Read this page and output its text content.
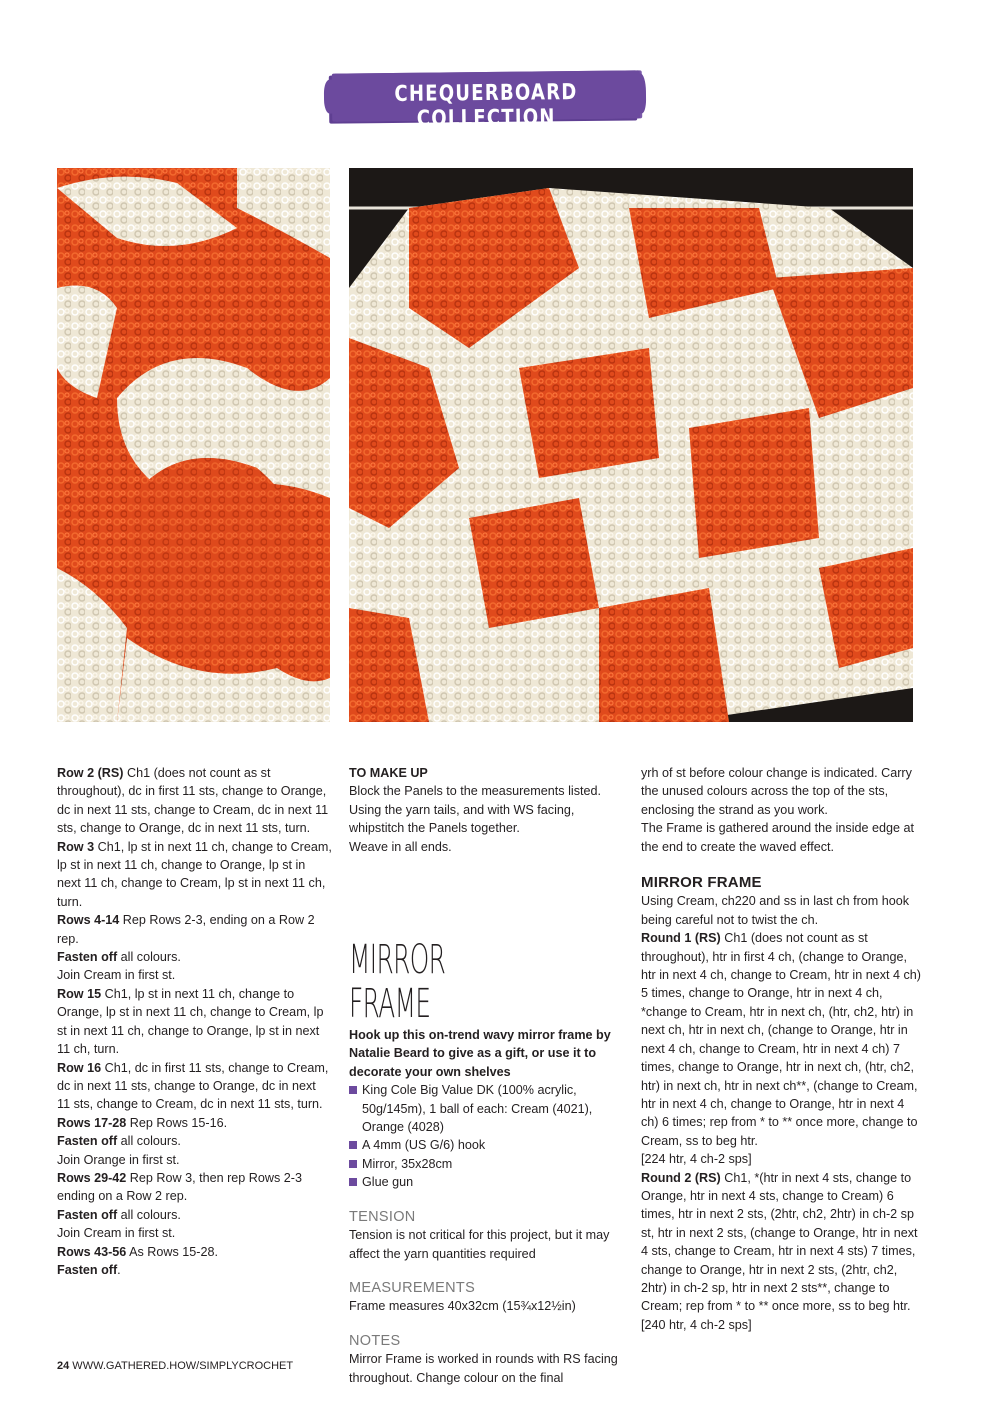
CHEQUERBOARD COLLECTION

Row 2 (RS) Ch1 (does not count as st throughout), dc in first 11 sts, change to Orange, dc in next 11 sts, change to Cream, dc in next 11 sts, change to Orange, dc in next 11 sts, turn.

Row 3 Ch1, lp st in next 11 ch, change to Cream, lp st in next 11 ch, change to Orange, lp st in next 11 ch, change to Cream, lp st in next 11 ch, turn.

Rows 4-14 Rep Rows 2-3, ending on a Row 2 rep.

Fasten off all colours.

Join Cream in first st.

Row 15 Ch1, lp st in next 11 ch, change to Orange, lp st in next 11 ch, change to Cream, lp st in next 11 ch, change to Orange, lp st in next 11 ch, turn.

Row 16 Ch1, dc in first 11 sts, change to Cream, dc in next 11 sts, change to Orange, dc in next 11 sts, change to Cream, dc in next 11 sts, turn.

Rows 17-28 Rep Rows 15-16.

Fasten off all colours.

Join Orange in first st.

Rows 29-42 Rep Row 3, then rep Rows 2-3 ending on a Row 2 rep.

Fasten off all colours.

Join Cream in first st.

Rows 43-56 As Rows 15-28.

Fasten off.

TO MAKE UP

Block the Panels to the measurements listed. Using the yarn tails, and with WS facing, whipstitch the Panels together.

Weave in all ends.

MIRROR FRAME

Hook up this on-trend wavy mirror frame by Natalie Beard to give as a gift, or use it to decorate your own shelves

King Cole Big Value DK (100% acrylic, 50g/145m), 1 ball of each: Cream (4021), Orange (4028)
A 4mm (US G/6) hook
Mirror, 35x28cm
Glue gun

TENSION

Tension is not critical for this project, but it may affect the yarn quantities required

MEASUREMENTS

Frame measures 40x32cm (15¾x12½in)

NOTES

Mirror Frame is worked in rounds with RS facing throughout. Change colour on the final

yrh of st before colour change is indicated. Carry the unused colours across the top of the sts, enclosing the strand as you work.

The Frame is gathered around the inside edge at the end to create the waved effect.

MIRROR FRAME

Using Cream, ch220 and ss in last ch from hook being careful not to twist the ch.

Round 1 (RS) Ch1 (does not count as st throughout), htr in first 4 ch, (change to Orange, htr in next 4 ch, change to Cream, htr in next 4 ch) 5 times, change to Orange, htr in next 4 ch, *change to Cream, htr in next ch, (htr, ch2, htr) in next ch, htr in next ch, (change to Orange, htr in next 4 ch, change to Cream, htr in next 4 ch) 7 times, change to Orange, htr in next ch, (htr, ch2, htr) in next ch, htr in next ch**, (change to Cream, htr in next 4 ch, change to Orange, htr in next 4 ch) 6 times; rep from * to ** once more, change to Cream, ss to beg htr.

[224 htr, 4 ch-2 sps]

Round 2 (RS) Ch1, *(htr in next 4 sts, change to Orange, htr in next 4 sts, change to Cream) 6 times, htr in next 2 sts, (2htr, ch2, 2htr) in ch-2 sp st, htr in next 2 sts, (change to Orange, htr in next 4 sts, change to Cream, htr in next 4 sts) 7 times, change to Orange, htr in next 2 sts, (2htr, ch2, 2htr) in ch-2 sp, htr in next 2 sts**, change to Cream; rep from * to ** once more, ss to beg htr. [240 htr, 4 ch-2 sps]

24 WWW.GATHERED.HOW/SIMPLYCROCHET
